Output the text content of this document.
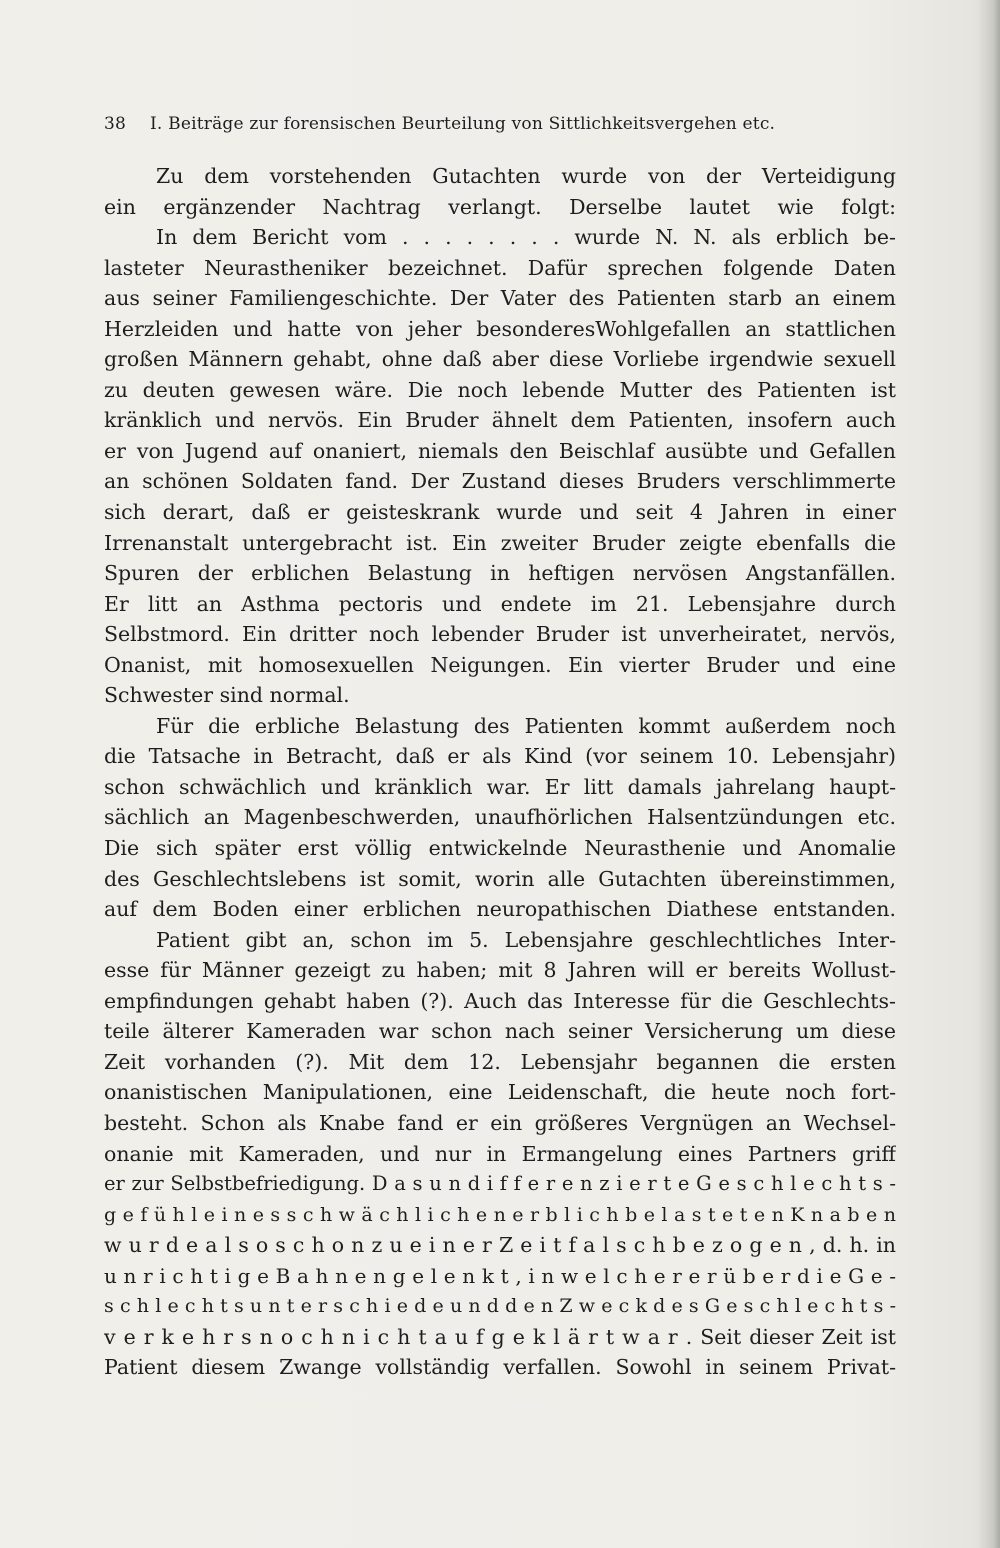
38 I. Beiträge zur forensischen Beurteilung von Sittlichkeitsvergehen etc.
Zu dem vorstehenden Gutachten wurde von der Verteidigung
ein ergänzender Nachtrag verlangt. Derselbe lautet wie folgt:
In dem Bericht vom . . . . . . . . wurde N. N. als erblich be-
lasteter Neurastheniker bezeichnet. Dafür sprechen folgende Daten
aus seiner Familiengeschichte. Der Vater des Patienten starb an einem
Herzleiden und hatte von jeher besonderesWohlgefallen an stattlichen
großen Männern gehabt, ohne daß aber diese Vorliebe irgendwie sexuell
zu deuten gewesen wäre. Die noch lebende Mutter des Patienten ist
kränklich und nervös. Ein Bruder ähnelt dem Patienten, insofern auch
er von Jugend auf onaniert, niemals den Beischlaf ausübte und Gefallen
an schönen Soldaten fand. Der Zustand dieses Bruders verschlimmerte
sich derart, daß er geisteskrank wurde und seit 4 Jahren in einer
Irrenanstalt untergebracht ist. Ein zweiter Bruder zeigte ebenfalls die
Spuren der erblichen Belastung in heftigen nervösen Angstanfällen.
Er litt an Asthma pectoris und endete im 21. Lebensjahre durch
Selbstmord. Ein dritter noch lebender Bruder ist unverheiratet, nervös,
Onanist, mit homosexuellen Neigungen. Ein vierter Bruder und eine
Schwester sind normal.
Für die erbliche Belastung des Patienten kommt außerdem noch
die Tatsache in Betracht, daß er als Kind (vor seinem 10. Lebensjahr)
schon schwächlich und kränklich war. Er litt damals jahrelang haupt-
sächlich an Magenbeschwerden, unaufhörlichen Halsentzündungen etc.
Die sich später erst völlig entwickelnde Neurasthenie und Anomalie
des Geschlechtslebens ist somit, worin alle Gutachten übereinstimmen,
auf dem Boden einer erblichen neuropathischen Diathese entstanden.
Patient gibt an, schon im 5. Lebensjahre geschlechtliches Inter-
esse für Männer gezeigt zu haben; mit 8 Jahren will er bereits Wollust-
empfindungen gehabt haben (?). Auch das Interesse für die Geschlechts-
teile älterer Kameraden war schon nach seiner Versicherung um diese
Zeit vorhanden (?). Mit dem 12. Lebensjahr begannen die ersten
onanistischen Manipulationen, eine Leidenschaft, die heute noch fort-
besteht. Schon als Knabe fand er ein größeres Vergnügen an Wechsel-
onanie mit Kameraden, und nur in Ermangelung eines Partners griff
er zur Selbstbefriedigung. D a s u n d i f f e r e n z i e r t e G e s c h l e c h t s -
g e f ü h l e i n e s s c h w ä c h l i c h e n e r b l i c h b e l a s t e t e n K n a b e n
w u r d e a l s o s c h o n z u e i n e r Z e i t f a l s c h b e z o g e n , d. h. in
u n r i c h t i g e B a h n e n g e l e n k t , i n w e l c h e r e r ü b e r d i e G e -
s c h l e c h t s u n t e r s c h i e d e u n d d e n Z w e c k d e s G e s c h l e c h t s -
v e r k e h r s n o c h n i c h t a u f g e k l ä r t w a r . Seit dieser Zeit ist
Patient diesem Zwange vollständig verfallen. Sowohl in seinem Privat-
